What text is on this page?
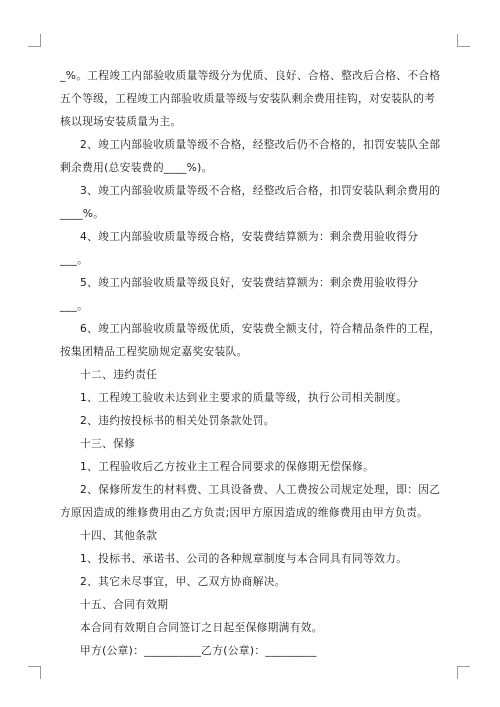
_%。工程竣工内部验收质量等级分为优质、良好、合格、整改后合格、不合格五个等级，工程竣工内部验收质量等级与安装队剩余费用挂钩，对安装队的考核以现场安装质量为主。

2、竣工内部验收质量等级不合格，经整改后仍不合格的，扣罚安装队全部剩余费用(总安装费的____%)。

3、竣工内部验收质量等级不合格，经整改后合格，扣罚安装队剩余费用的____%。

4、竣工内部验收质量等级合格，安装费结算额为：剩余费用验收得分___。

5、竣工内部验收质量等级良好，安装费结算额为：剩余费用验收得分___。

6、竣工内部验收质量等级优质，安装费全额支付，符合精品条件的工程，按集团精品工程奖励规定嘉奖安装队。

十二、违约责任

1、工程竣工验收未达到业主要求的质量等级，执行公司相关制度。

2、违约按投标书的相关处罚条款处罚。

十三、保修

1、工程验收后乙方按业主工程合同要求的保修期无偿保修。

2、保修所发生的材料费、工具设备费、人工费按公司规定处理，即：因乙方原因造成的维修费用由乙方负责;因甲方原因造成的维修费用由甲方负责。

十四、其他条款

1、投标书、承诺书、公司的各种规章制度与本合同具有同等效力。

2、其它未尽事宜，甲、乙双方协商解决。

十五、合同有效期

本合同有效期自合同签订之日起至保修期满有效。

甲方(公章)：__________乙方(公章)：_________
